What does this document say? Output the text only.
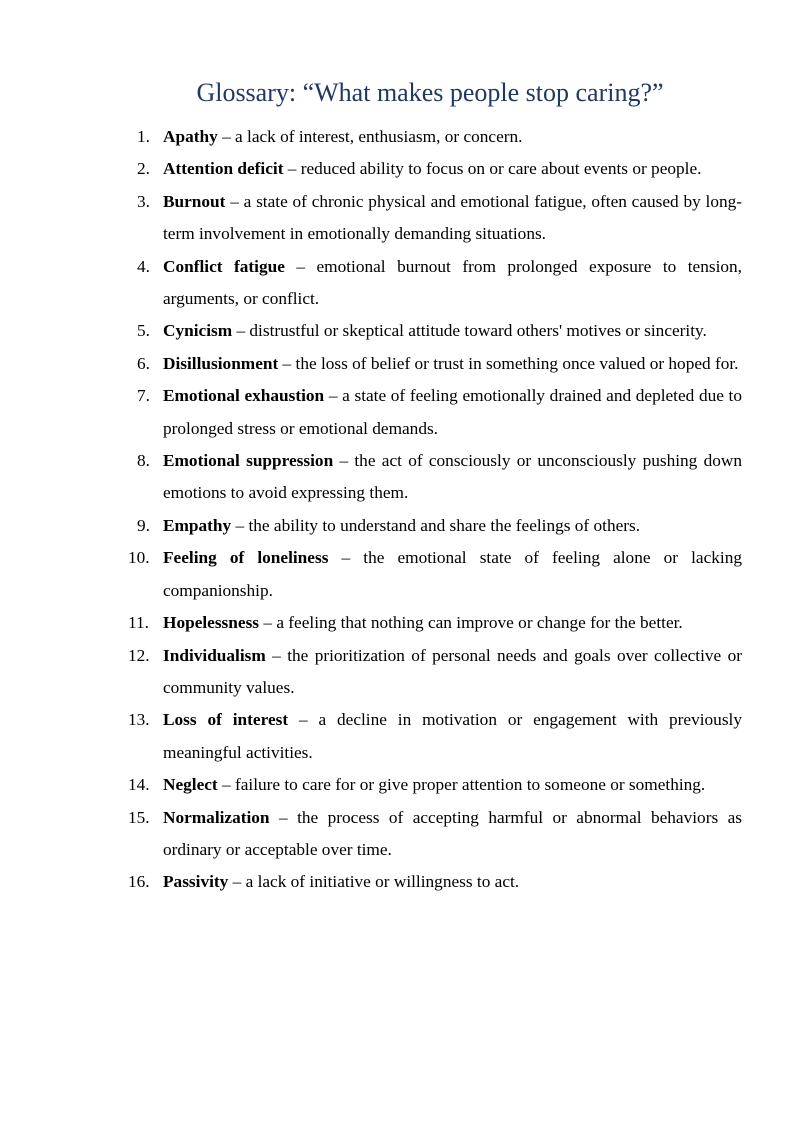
Glossary: “What makes people stop caring?”
1. Apathy – a lack of interest, enthusiasm, or concern.
2. Attention deficit – reduced ability to focus on or care about events or people.
3. Burnout – a state of chronic physical and emotional fatigue, often caused by long-term involvement in emotionally demanding situations.
4. Conflict fatigue – emotional burnout from prolonged exposure to tension, arguments, or conflict.
5. Cynicism – distrustful or skeptical attitude toward others' motives or sincerity.
6. Disillusionment – the loss of belief or trust in something once valued or hoped for.
7. Emotional exhaustion – a state of feeling emotionally drained and depleted due to prolonged stress or emotional demands.
8. Emotional suppression – the act of consciously or unconsciously pushing down emotions to avoid expressing them.
9. Empathy – the ability to understand and share the feelings of others.
10. Feeling of loneliness – the emotional state of feeling alone or lacking companionship.
11. Hopelessness – a feeling that nothing can improve or change for the better.
12. Individualism – the prioritization of personal needs and goals over collective or community values.
13. Loss of interest – a decline in motivation or engagement with previously meaningful activities.
14. Neglect – failure to care for or give proper attention to someone or something.
15. Normalization – the process of accepting harmful or abnormal behaviors as ordinary or acceptable over time.
16. Passivity – a lack of initiative or willingness to act.
